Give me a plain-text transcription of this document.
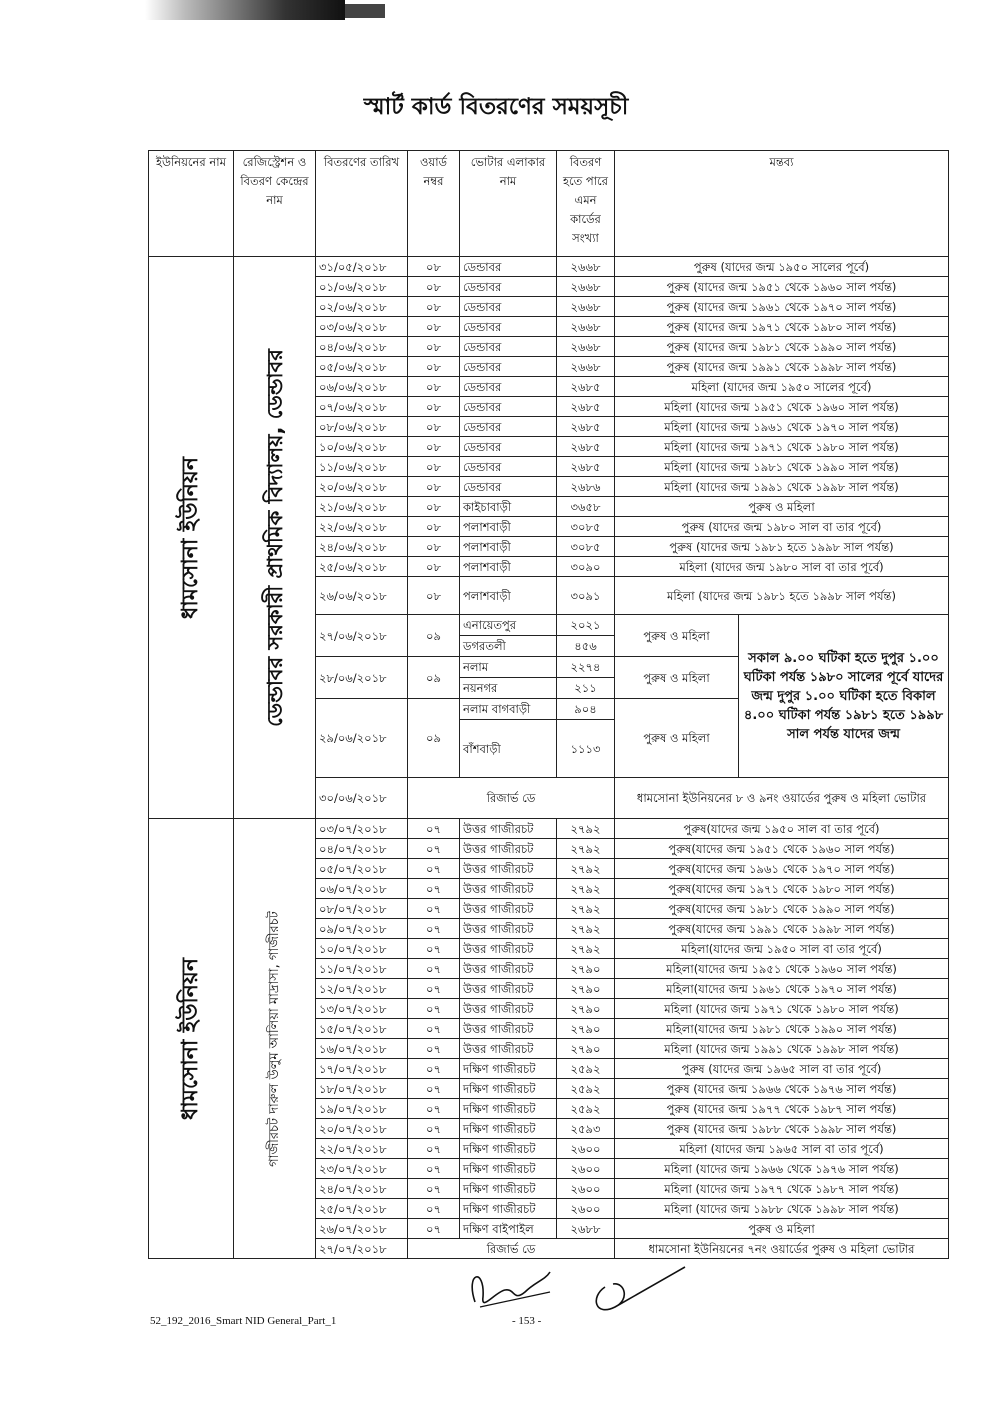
স্মার্ট কার্ড বিতরণের সময়সূচী
ইউনিয়নের নাম	রেজিস্ট্রেশন ও বিতরণ কেন্দ্রের নাম	বিতরণের তারিখ	ওয়ার্ড নম্বর	ভোটার এলাকার নাম	বিতরণ হতে পারে এমন কার্ডের সংখ্যা	মন্তব্য	

ধামসোনা ইউনিয়ন	ডেন্ডাবর সরকারী প্রাথমিক বিদ্যালয়, ডেন্ডাবর	৩১/০৫/২০১৮	০৮	ডেন্ডাবর	২৬৬৮	পুরুষ (যাদের জন্ম ১৯৫০ সালের পূর্বে)	
		০১/০৬/২০১৮	০৮	ডেন্ডাবর	২৬৬৮	পুরুষ (যাদের জন্ম ১৯৫১ থেকে ১৯৬০ সাল পর্যন্ত)	
		০২/০৬/২০১৮	০৮	ডেন্ডাবর	২৬৬৮	পুরুষ (যাদের জন্ম ১৯৬১ থেকে ১৯৭০ সাল পর্যন্ত)	
		০৩/০৬/২০১৮	০৮	ডেন্ডাবর	২৬৬৮	পুরুষ (যাদের জন্ম ১৯৭১ থেকে ১৯৮০ সাল পর্যন্ত)	
		০৪/০৬/২০১৮	০৮	ডেন্ডাবর	২৬৬৮	পুরুষ (যাদের জন্ম ১৯৮১ থেকে ১৯৯০ সাল পর্যন্ত)	
		০৫/০৬/২০১৮	০৮	ডেন্ডাবর	২৬৬৮	পুরুষ (যাদের জন্ম ১৯৯১ থেকে ১৯৯৮ সাল পর্যন্ত)	
		০৬/০৬/২০১৮	০৮	ডেন্ডাবর	২৬৮৫	মহিলা (যাদের জন্ম ১৯৫০ সালের পূর্বে)	
		০৭/০৬/২০১৮	০৮	ডেন্ডাবর	২৬৮৫	মহিলা (যাদের জন্ম ১৯৫১ থেকে ১৯৬০ সাল পর্যন্ত)	
		০৮/০৬/২০১৮	০৮	ডেন্ডাবর	২৬৮৫	মহিলা (যাদের জন্ম ১৯৬১ থেকে ১৯৭০ সাল পর্যন্ত)	
		১০/০৬/২০১৮	০৮	ডেন্ডাবর	২৬৮৫	মহিলা (যাদের জন্ম ১৯৭১ থেকে ১৯৮০ সাল পর্যন্ত)	
		১১/০৬/২০১৮	০৮	ডেন্ডাবর	২৬৮৫	মহিলা (যাদের জন্ম ১৯৮১ থেকে ১৯৯০ সাল পর্যন্ত)	
		২০/০৬/২০১৮	০৮	ডেন্ডাবর	২৬৮৬	মহিলা (যাদের জন্ম ১৯৯১ থেকে ১৯৯৮ সাল পর্যন্ত)	
		২১/০৬/২০১৮	০৮	কাইচাবাড়ী	৩৬৫৮	পুরুষ ও মহিলা	
		২২/০৬/২০১৮	০৮	পলাশবাড়ী	৩০৮৫	পুরুষ (যাদের জন্ম ১৯৮০ সাল বা তার পূর্বে)	
		২৪/০৬/২০১৮	০৮	পলাশবাড়ী	৩০৮৫	পুরুষ (যাদের জন্ম ১৯৮১ হতে ১৯৯৮ সাল পর্যন্ত)	
		২৫/০৬/২০১৮	০৮	পলাশবাড়ী	৩০৯০	মহিলা (যাদের জন্ম ১৯৮০ সাল বা তার পূর্বে)	
		২৬/০৬/২০১৮	০৮	পলাশবাড়ী	৩০৯১	মহিলা (যাদের জন্ম ১৯৮১ হতে ১৯৯৮ সাল পর্যন্ত)	
		২৭/০৬/২০১৮	০৯	এনায়েতপুর	২০২১	পুরুষ ও মহিলা	সকাল ৯.০০ ঘটিকা হতে দুপুর ১.০০ ঘটিকা পর্যন্ত ১৯৮০ সালের পূর্বে যাদের জন্ম দুপুর ১.০০ ঘটিকা হতে বিকাল ৪.০০ ঘটিকা পর্যন্ত ১৯৮১ হতে ১৯৯৮ সাল পর্যন্ত যাদের জন্ম
				ডগরতলী	৪৫৬		
		২৮/০৬/২০১৮	০৯	নলাম	২২৭৪	পুরুষ ও মহিলা	
				নয়নগর	২১১		
		২৯/০৬/২০১৮	০৯	নলাম বাগবাড়ী	৯০৪	পুরুষ ও মহিলা	
				বাঁশবাড়ী	১১১৩		
		৩০/০৬/২০১৮	রিজার্ভ ডে			ধামসোনা ইউনিয়নের ৮ ও ৯নং ওয়ার্ডের পুরুষ ও মহিলা ভোটার	

ধামসোনা ইউনিয়ন	গাজীরচট দারুল উলুম আলিয়া মাদ্রাসা, গাজীরচট	০৩/০৭/২০১৮	০৭	উত্তর গাজীরচট	২৭৯২	পুরুষ(যাদের জন্ম ১৯৫০ সাল বা তার পূর্বে)	
		০৪/০৭/২০১৮	০৭	উত্তর গাজীরচট	২৭৯২	পুরুষ(যাদের জন্ম ১৯৫১ থেকে ১৯৬০ সাল পর্যন্ত)	
		০৫/০৭/২০১৮	০৭	উত্তর গাজীরচট	২৭৯২	পুরুষ(যাদের জন্ম ১৯৬১ থেকে ১৯৭০ সাল পর্যন্ত)	
		০৬/০৭/২০১৮	০৭	উত্তর গাজীরচট	২৭৯২	পুরুষ(যাদের জন্ম ১৯৭১ থেকে ১৯৮০ সাল পর্যন্ত)	
		০৮/০৭/২০১৮	০৭	উত্তর গাজীরচট	২৭৯২	পুরুষ(যাদের জন্ম ১৯৮১ থেকে ১৯৯০ সাল পর্যন্ত)	
		০৯/০৭/২০১৮	০৭	উত্তর গাজীরচট	২৭৯২	পুরুষ(যাদের জন্ম ১৯৯১ থেকে ১৯৯৮ সাল পর্যন্ত)	
		১০/০৭/২০১৮	০৭	উত্তর গাজীরচট	২৭৯২	মহিলা(যাদের জন্ম ১৯৫০ সাল বা তার পূর্বে)	
		১১/০৭/২০১৮	০৭	উত্তর গাজীরচট	২৭৯০	মহিলা(যাদের জন্ম ১৯৫১ থেকে ১৯৬০ সাল পর্যন্ত)	
		১২/০৭/২০১৮	০৭	উত্তর গাজীরচট	২৭৯০	মহিলা(যাদের জন্ম ১৯৬১ থেকে ১৯৭০ সাল পর্যন্ত)	
		১৩/০৭/২০১৮	০৭	উত্তর গাজীরচট	২৭৯০	মহিলা (যাদের জন্ম ১৯৭১ থেকে ১৯৮০ সাল পর্যন্ত)	
		১৫/০৭/২০১৮	০৭	উত্তর গাজীরচট	২৭৯০	মহিলা(যাদের জন্ম ১৯৮১ থেকে ১৯৯০ সাল পর্যন্ত)	
		১৬/০৭/২০১৮	০৭	উত্তর গাজীরচট	২৭৯০	মহিলা (যাদের জন্ম ১৯৯১ থেকে ১৯৯৮ সাল পর্যন্ত)	
		১৭/০৭/২০১৮	০৭	দক্ষিণ গাজীরচট	২৫৯২	পুরুষ (যাদের জন্ম ১৯৬৫ সাল বা তার পূর্বে)	
		১৮/০৭/২০১৮	০৭	দক্ষিণ গাজীরচট	২৫৯২	পুরুষ (যাদের জন্ম ১৯৬৬ থেকে ১৯৭৬ সাল পর্যন্ত)	
		১৯/০৭/২০১৮	০৭	দক্ষিণ গাজীরচট	২৫৯২	পুরুষ (যাদের জন্ম ১৯৭৭ থেকে ১৯৮৭ সাল পর্যন্ত)	
		২০/০৭/২০১৮	০৭	দক্ষিণ গাজীরচট	২৫৯৩	পুরুষ (যাদের জন্ম ১৯৮৮ থেকে ১৯৯৮ সাল পর্যন্ত)	
		২২/০৭/২০১৮	০৭	দক্ষিণ গাজীরচট	২৬০০	মহিলা (যাদের জন্ম ১৯৬৫ সাল বা তার পূর্বে)	
		২৩/০৭/২০১৮	০৭	দক্ষিণ গাজীরচট	২৬০০	মহিলা (যাদের জন্ম ১৯৬৬ থেকে ১৯৭৬ সাল পর্যন্ত)	
		২৪/০৭/২০১৮	০৭	দক্ষিণ গাজীরচট	২৬০০	মহিলা (যাদের জন্ম ১৯৭৭ থেকে ১৯৮৭ সাল পর্যন্ত)	
		২৫/০৭/২০১৮	০৭	দক্ষিণ গাজীরচট	২৬০০	মহিলা (যাদের জন্ম ১৯৮৮ থেকে ১৯৯৮ সাল পর্যন্ত)	
		২৬/০৭/২০১৮	০৭	দক্ষিণ বাইপাইল	২৬৮৮	পুরুষ ও মহিলা	
		২৭/০৭/২০১৮	রিজার্ভ ডে			ধামসোনা ইউনিয়নের ৭নং ওয়ার্ডের পুরুষ ও মহিলা ভোটার	
52_192_2016_Smart NID General_Part_1	- 153 -
